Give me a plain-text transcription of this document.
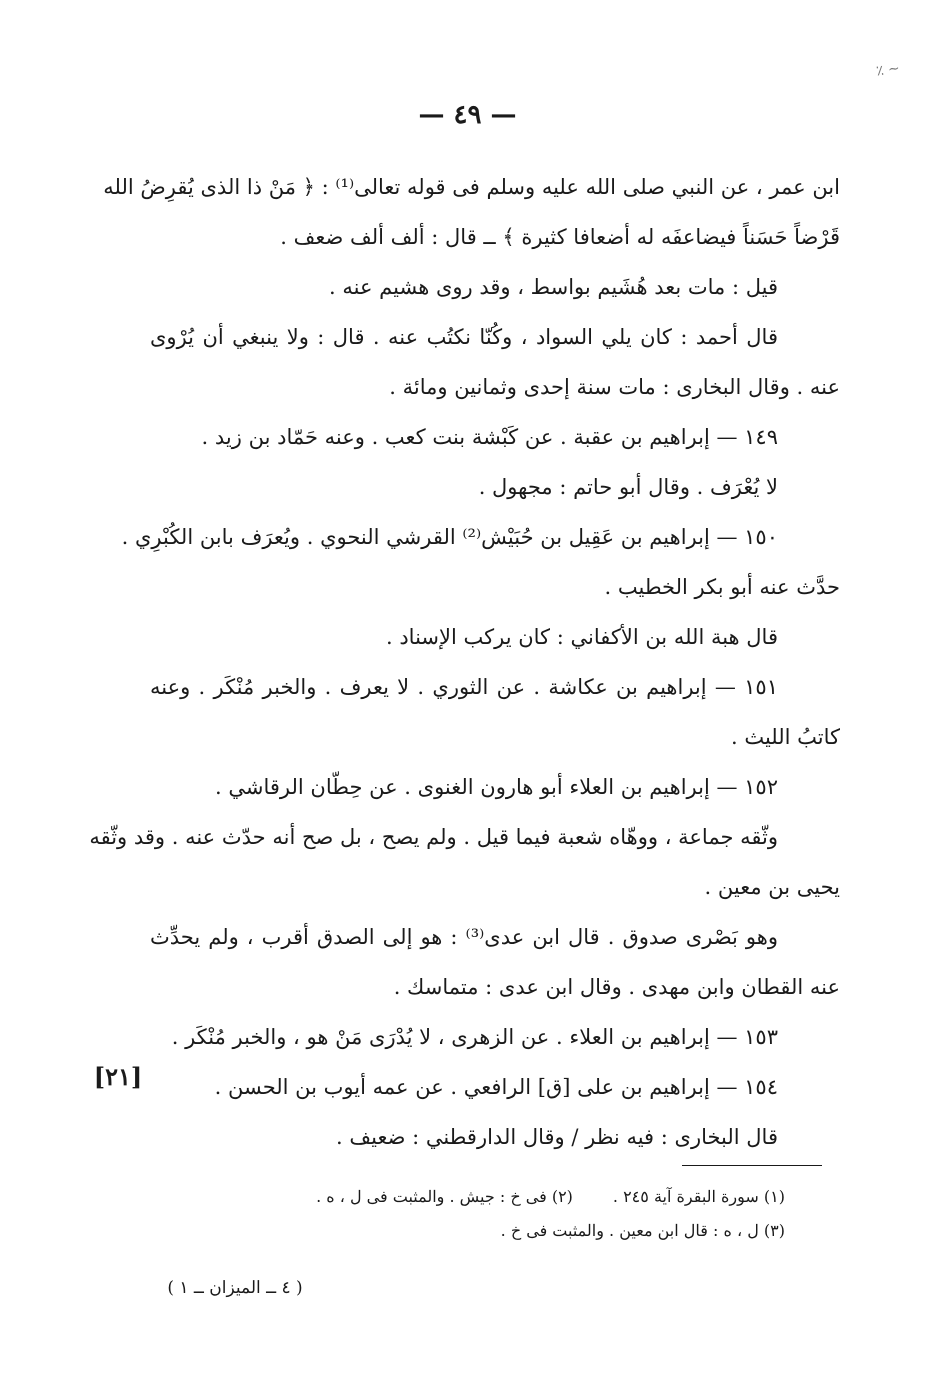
~ ٪
— ٤٩ —
ابن عمر ، عن النبي صلى الله عليه وسلم فى قوله تعالى⁽¹⁾ : ﴿ مَنْ ذا الذى يُقرِضُ الله
قَرْضاً حَسَناً فيضاعفَه له أضعافا كثيرة ﴾ ــ قال : ألف ألف ضعف .
قيل : مات بعد هُشَيم بواسط ، وقد روى هشيم عنه .
قال أحمد : كان يلي السواد ، وكُنّا نكتُب عنه . قال : ولا ينبغي أن يُرْوى
عنه . وقال البخارى : مات سنة إحدى وثمانين ومائة .
١٤٩ — إبراهيم بن عقبة . عن كَبْشة بنت كعب . وعنه حَمّاد بن زيد .
لا يُعْرَف . وقال أبو حاتم : مجهول .
١٥٠ — إبراهيم بن عَقِيل بن حُبَيْش⁽²⁾ القرشي النحوي . ويُعرَف بابن الكُبْرِي .
حدَّث عنه أبو بكر الخطيب .
قال هبة الله بن الأكفاني : كان يركب الإسناد .
١٥١ — إبراهيم بن عكاشة . عن الثوري . لا يعرف . والخبر مُنْكَر . وعنه
كاتبُ الليث .
١٥٢ — إبراهيم بن العلاء أبو هارون الغنوى . عن حِطّان الرقاشي .
وثّقه جماعة ، ووهّاه شعبة فيما قيل . ولم يصح ، بل صح أنه حدّث عنه . وقد وثّقه
يحيى بن معين .
وهو بَصْرى صدوق . قال ابن عدى⁽³⁾ : هو إلى الصدق أقرب ، ولم يحدِّث
عنه القطان وابن مهدى . وقال ابن عدى : متماسك .
١٥٣ — إبراهيم بن العلاء . عن الزهرى ، لا يُدْرَى مَنْ هو ، والخبر مُنْكَر .
١٥٤ — إبراهيم بن على [ق] الرافعي . عن عمه أيوب بن الحسن .
قال البخارى : فيه نظر / وقال الدارقطني : ضعيف .
[٢١]
(١) سورة البقرة آية ٢٤٥ .(٢) فى خ : جيش . والمثبت فى ل ، ه .
(٣) ل ، ه : قال ابن معين . والمثبت فى خ .
( ٤ ــ الميزان ــ ١ )
